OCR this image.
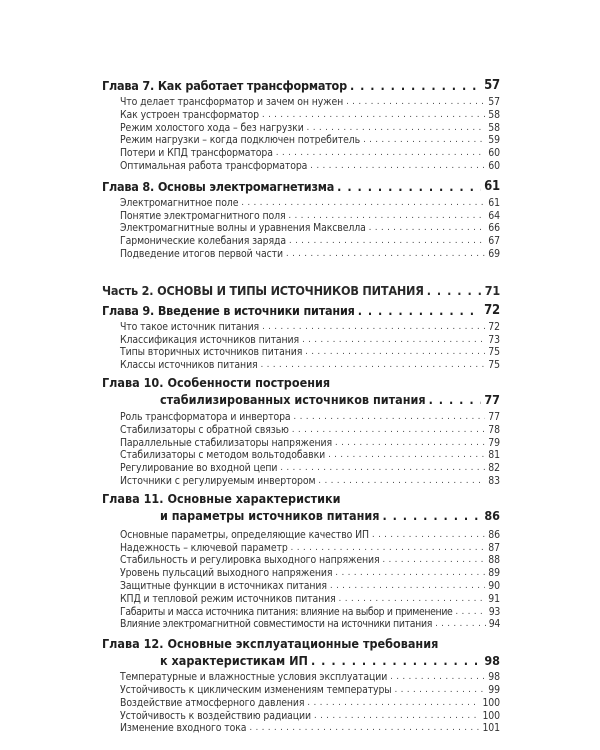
Глава 7. Как работает трансформатор . . .	57
Что делает трансформатор и зачем он нужен . . .	57
Как устроен трансформатор . . .	58
Режим холостого хода – без нагрузки . . .	58
Режим нагрузки – когда подключен потребитель . . .	59
Потери и КПД трансформатора . . .	60
Оптимальная работа трансформатора . . .	60
Глава 8. Основы электромагнетизма . . .	61
Электромагнитное поле . . .	61
Понятие электромагнитного поля . . .	64
Электромагнитные волны и уравнения Максвелла . . .	66
Гармонические колебания заряда . . .	67
Подведение итогов первой части . . .	69
Часть 2. ОСНОВЫ И ТИПЫ ИСТОЧНИКОВ ПИТАНИЯ . . .	71
Глава 9. Введение в источники питания . . .	72
Что такое источник питания . . .	72
Классификация источников питания . . .	73
Типы вторичных источников питания . . .	75
Классы источников питания . . .	75
Глава 10. Особенности построения
стабилизированных источников питания . . .	77
Роль трансформатора и инвертора . . .	77
Стабилизаторы с обратной связью . . .	78
Параллельные стабилизаторы напряжения . . .	79
Стабилизаторы с методом вольтодобавки . . .	81
Регулирование во входной цепи . . .	82
Источники с регулируемым инвертором . . .	83
Глава 11. Основные характеристики
и параметры источников питания . . .	86
Основные параметры, определяющие качество ИП . . .	86
Надежность – ключевой параметр . . .	87
Стабильность и регулировка выходного напряжения . . .	88
Уровень пульсаций выходного напряжения . . .	89
Защитные функции в источниках питания . . .	90
КПД и тепловой режим источников питания . . .	91
Габариты и масса источника питания: влияние на выбор и применение . . .	93
Влияние электромагнитной совместимости на источники питания . . .	94
Глава 12. Основные эксплуатационные требования
к характеристикам ИП . . .	98
Температурные и влажностные условия эксплуатации . . .	98
Устойчивость к циклическим изменениям температуры . . .	99
Воздействие атмосферного давления . . .	100
Устойчивость к воздействию радиации . . .	100
Изменение входного тока . . .	101
